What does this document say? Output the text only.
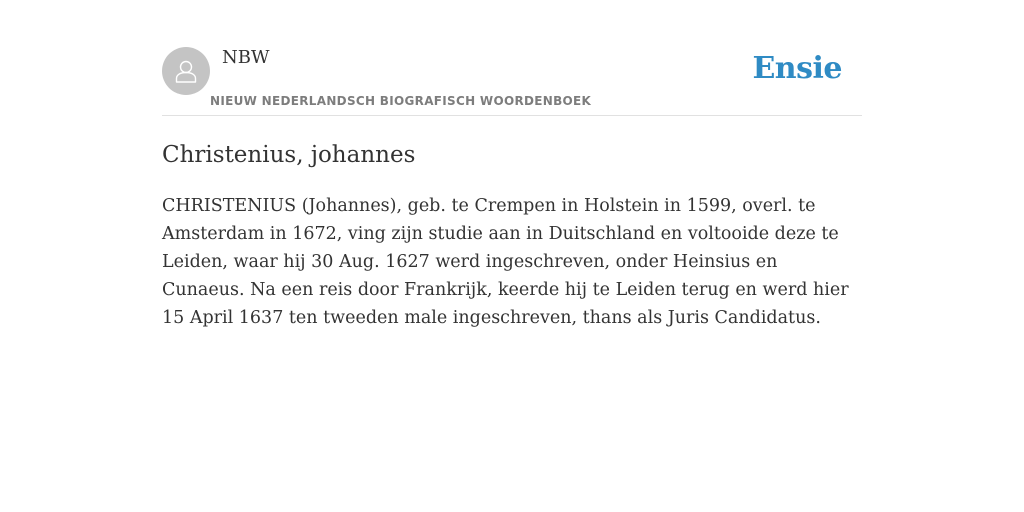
NBW
NIEUW NEDERLANDSCH BIOGRAFISCH WOORDENBOEK
Ensie
Christenius, johannes

CHRISTENIUS (Johannes), geb. te Crempen in Holstein in 1599, overl. te Amsterdam in 1672, ving zijn studie aan in Duitschland en voltooide deze te Leiden, waar hij 30 Aug. 1627 werd ingeschreven, onder Heinsius en Cunaeus. Na een reis door Frankrijk, keerde hij te Leiden terug en werd hier 15 April 1637 ten tweeden male ingeschreven, thans als Juris Candidatus.
